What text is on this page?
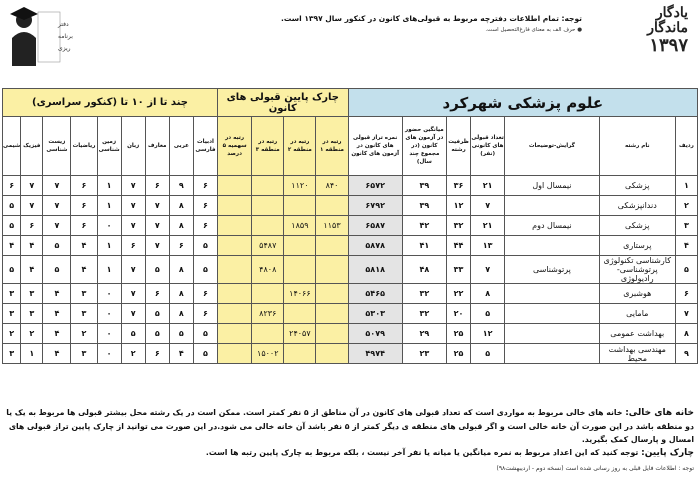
دفتر
برنامه
ریزی
یادگار
ماندگار
۱۳۹۷
توجه: تمام اطلاعات دفترچه مربوط به قبولی‌های کانون در کنکور سال ۱۳۹۷ است.
● حرف الف به معنای فارغ‌التحصیل است.
علوم پزشکی شهرکرد							چارک پایین قبولی های کانون				چند تا از ۱۰ تا (کنکور سراسری)								
ردیف	نام رشته	گرایش-توضیحات	تعداد قبولی های کانونی (نفر)	ظرفیت رشته	میانگین حضور در آزمون های کانون (در مجموع چند سال)	نمره تراز قبولی های کانون در آزمون های کانون	رتبه در منطقه ۱	رتبه در منطقه ۲	رتبه در منطقه ۳	رتبه در سهمیه ۵ درصد	ادبیات فارسی	عربی	معارف	زبان	زمین شناسی	ریاضیات	زیست شناسی	فیزیک	شیمی
۱	پزشکی	نیمسال اول	۲۱	۳۶	۳۹	۶۵۷۲	۸۴۰	۱۱۲۰			۶	۹	۶	۷	۱	۶	۷	۷	۶
۲	دندانپزشکی		۷	۱۲	۳۹	۶۷۹۲					۶	۸	۷	۷	۱	۶	۷	۷	۵
۳	پزشکی	نیمسال دوم	۲۱	۳۲	۴۲	۶۵۸۷	۱۱۵۳	۱۸۵۹			۶	۸	۷	۷	۰	۶	۷	۶	۵
۴	پرستاری		۱۳	۴۴	۴۱	۵۸۷۸			۵۴۸۷		۵	۶	۷	۶	۱	۴	۵	۴	۴
۵	کارشناسی تکنولوژی پرتوشناسی- رادیولوژی	پرتوشناسی	۷	۳۳	۴۸	۵۸۱۸			۴۸۰۸		۵	۸	۵	۷	۱	۴	۵	۴	۵
۶	هوشبری		۸	۲۲	۳۲	۵۴۶۵		۱۴۰۶۶			۶	۸	۶	۷	۰	۳	۴	۳	۳
۷	مامایی		۵	۲۰	۳۲	۵۳۰۳			۸۲۳۶		۶	۸	۵	۷	۰	۳	۴	۳	۳
۸	بهداشت عمومی		۱۲	۲۵	۲۹	۵۰۷۹		۲۴۰۵۷			۵	۵	۵	۵	۰	۲	۴	۲	۲
۹	مهندسی بهداشت محیط		۵	۲۵	۲۳	۴۹۷۴			۱۵۰۰۲		۵	۴	۶	۲	۰	۳	۴	۱	۳

خانه های خالی: خانه های خالی مربوط به مواردی است که تعداد قبولی های کانون در آن مناطق از ۵ نفر کمتر است. ممکن است در یک رشته محل بیشتر قبولی ها مربوط به یک یا دو منطقه باشد در این صورت آن خانه خالی است و اگر قبولی های منطقه ی دیگر کمتر از ۵ نفر باشد آن خانه خالی می شود.در این صورت می توانید از چارک پایین تراز قبولی های امسال و پارسال کمک بگیرید.

چارک پایین: توجه کنید که این اعداد مربوط به نمره میانگین یا میانه یا نفر آخر نیست ، بلکه مربوط به چارک پایین رتبه ها است.

توجه : اطلاعات فایل قبلی به روز رسانی شده است (نسخه دوم - اردیبهشت۹۸)
